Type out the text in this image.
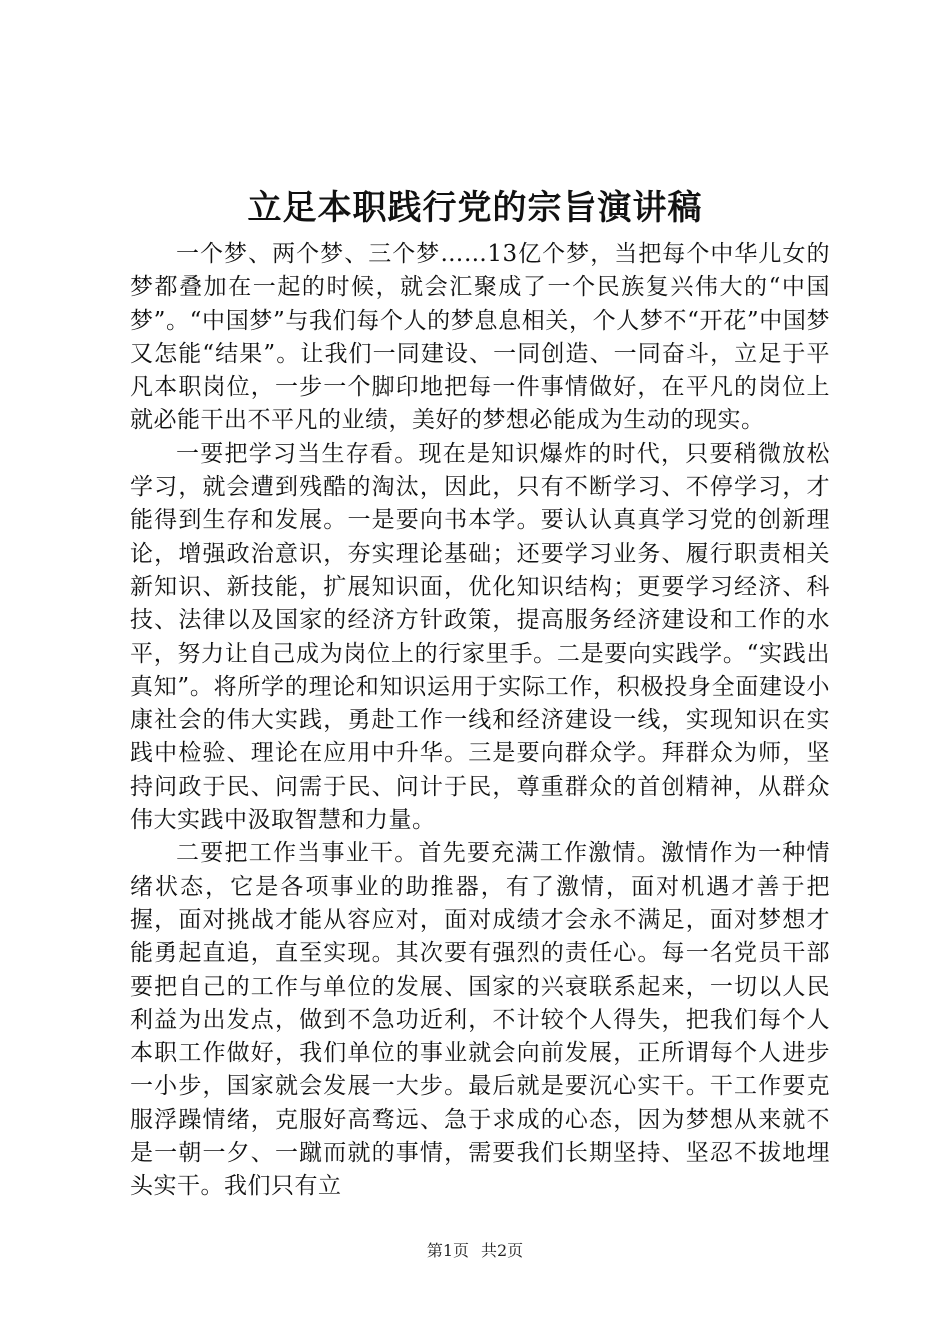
立足本职践行党的宗旨演讲稿

一个梦、两个梦、三个梦……13亿个梦，当把每个中华儿女的梦都叠加在一起的时候，就会汇聚成了一个民族复兴伟大的“中国梦”。“中国梦”与我们每个人的梦息息相关，个人梦不“开花”中国梦又怎能“结果”。让我们一同建设、一同创造、一同奋斗，立足于平凡本职岗位，一步一个脚印地把每一件事情做好，在平凡的岗位上就必能干出不平凡的业绩，美好的梦想必能成为生动的现实。

一要把学习当生存看。现在是知识爆炸的时代，只要稍微放松学习，就会遭到残酷的淘汰，因此，只有不断学习、不停学习，才能得到生存和发展。一是要向书本学。要认认真真学习党的创新理论，增强政治意识，夯实理论基础；还要学习业务、履行职责相关新知识、新技能，扩展知识面，优化知识结构；更要学习经济、科技、法律以及国家的经济方针政策，提高服务经济建设和工作的水平，努力让自己成为岗位上的行家里手。二是要向实践学。“实践出真知”。将所学的理论和知识运用于实际工作，积极投身全面建设小康社会的伟大实践，勇赴工作一线和经济建设一线，实现知识在实践中检验、理论在应用中升华。三是要向群众学。拜群众为师，坚持问政于民、问需于民、问计于民，尊重群众的首创精神，从群众伟大实践中汲取智慧和力量。

二要把工作当事业干。首先要充满工作激情。激情作为一种情绪状态，它是各项事业的助推器，有了激情，面对机遇才善于把握，面对挑战才能从容应对，面对成绩才会永不满足，面对梦想才能勇起直追，直至实现。其次要有强烈的责任心。每一名党员干部要把自己的工作与单位的发展、国家的兴衰联系起来，一切以人民利益为出发点，做到不急功近利，不计较个人得失，把我们每个人本职工作做好，我们单位的事业就会向前发展，正所谓每个人进步一小步，国家就会发展一大步。最后就是要沉心实干。干工作要克服浮躁情绪，克服好高骛远、急于求成的心态，因为梦想从来就不是一朝一夕、一蹴而就的事情，需要我们长期坚持、坚忍不拔地埋头实干。我们只有立

第1页 共2页
